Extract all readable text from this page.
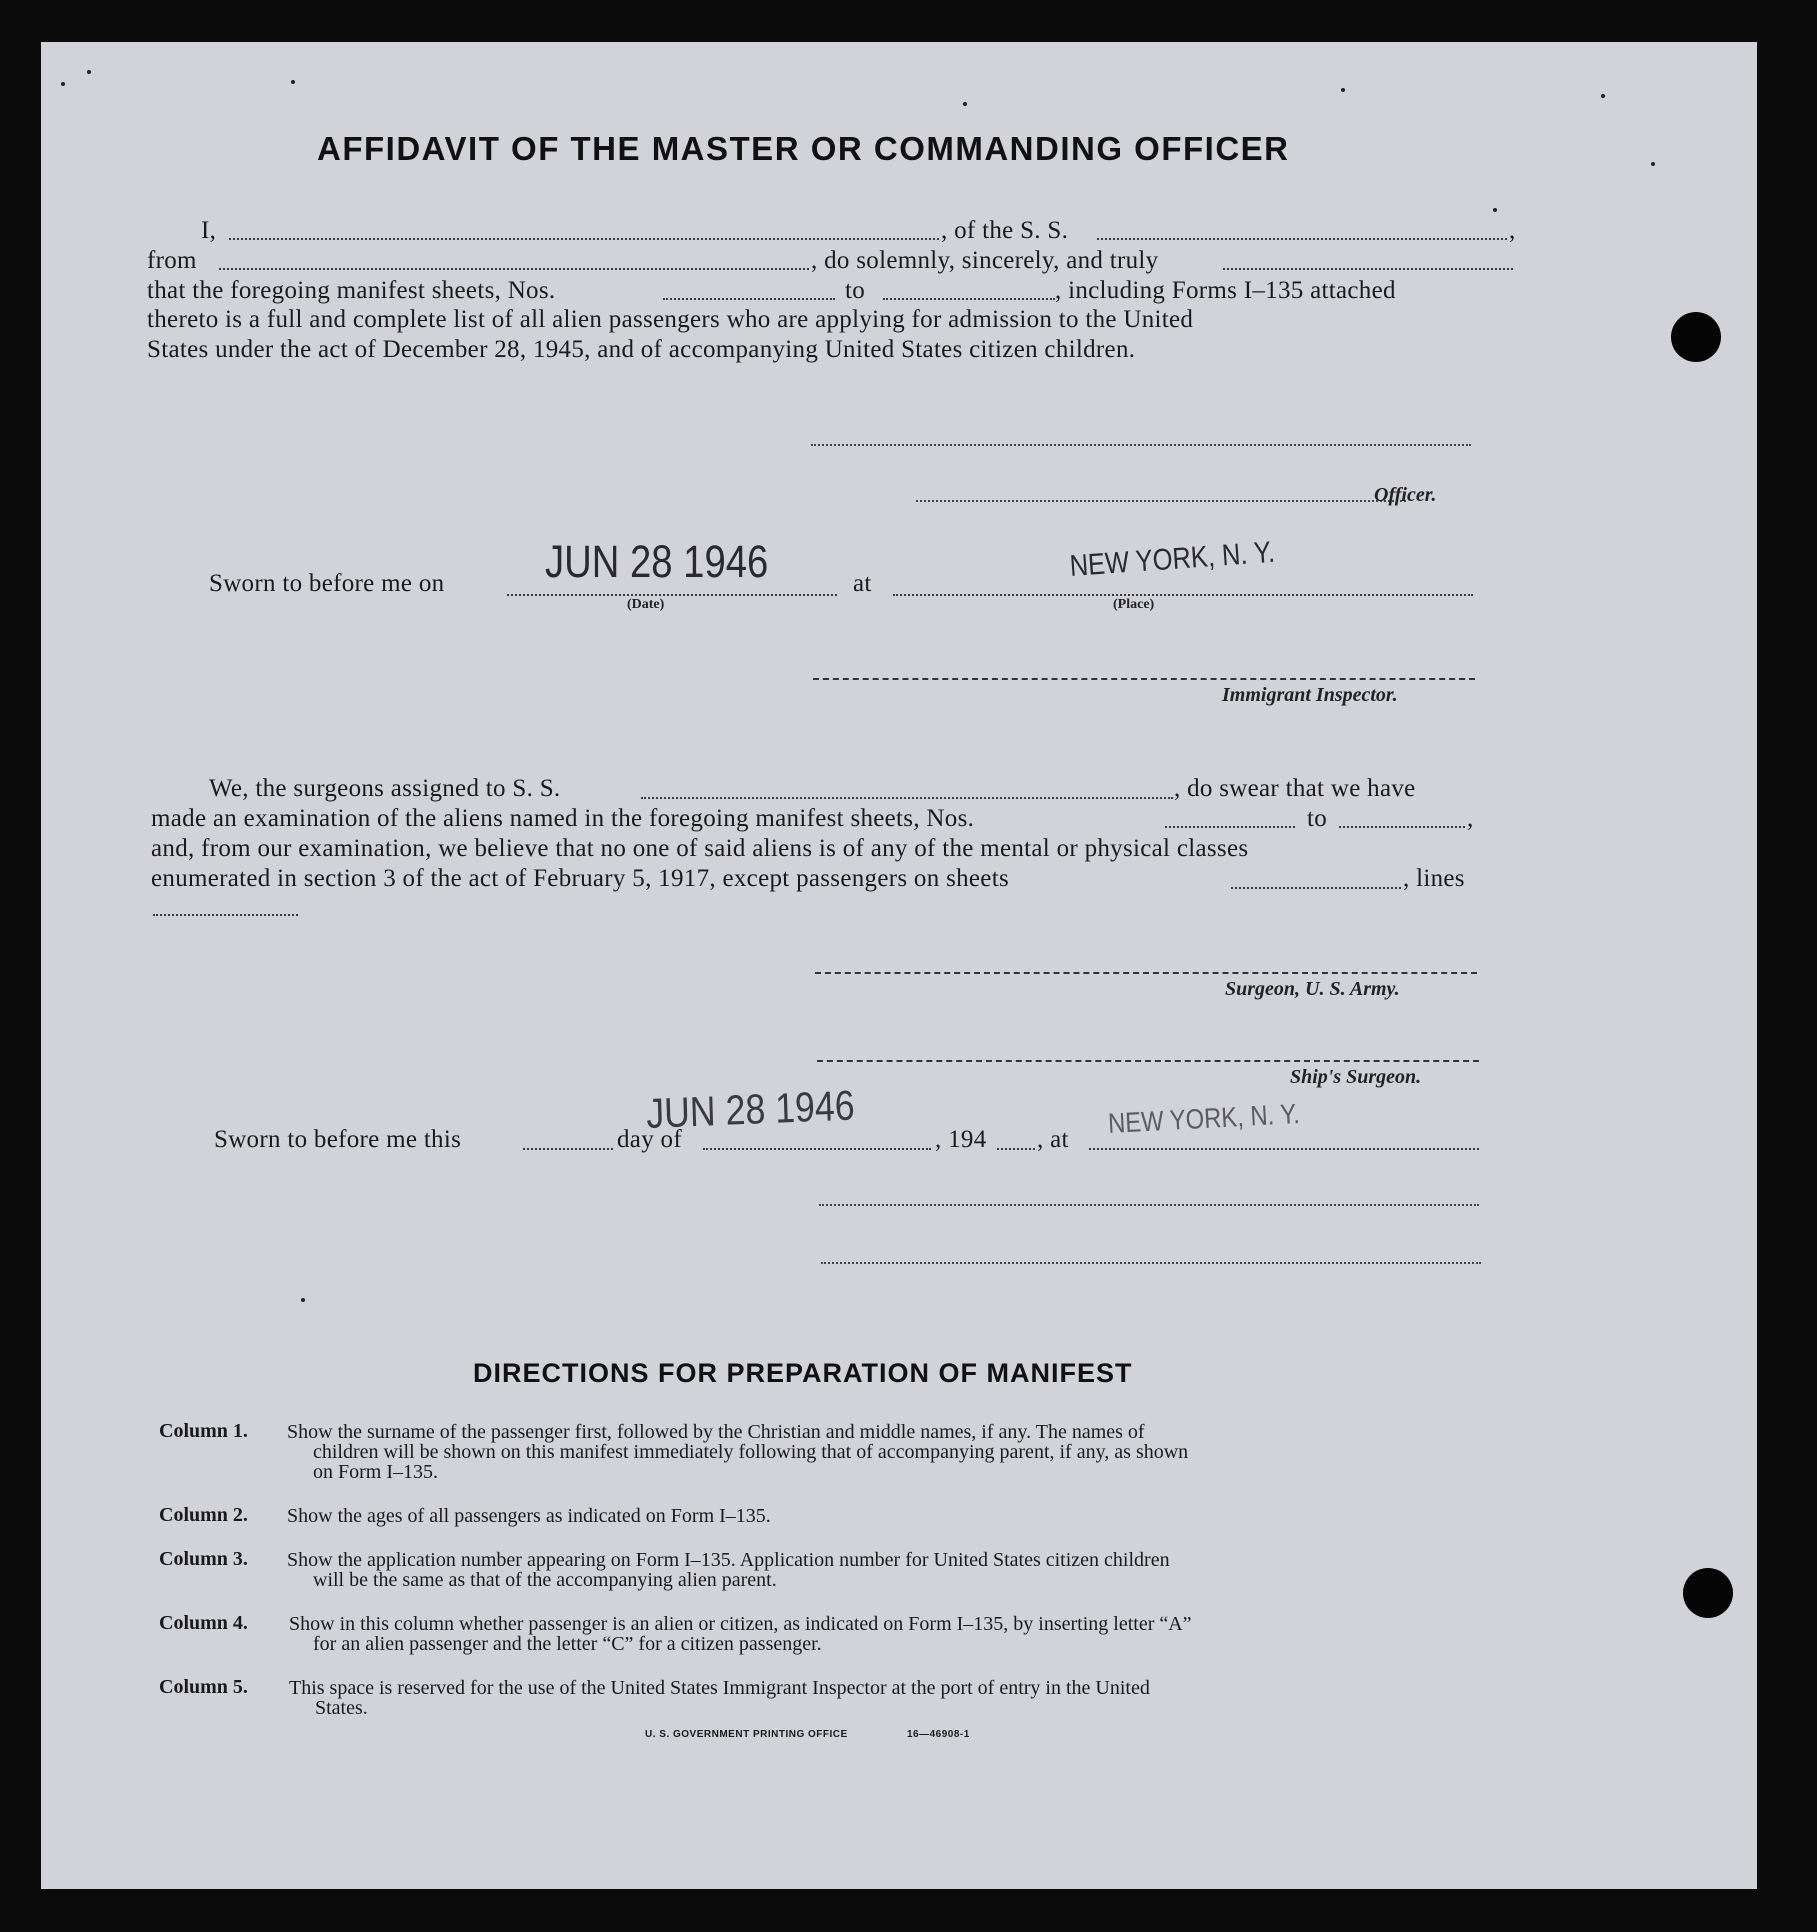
AFFIDAVIT OF THE MASTER OR COMMANDING OFFICER
I,	, of the S. S.	,
from	, do solemnly, sincerely, and truly
that the foregoing manifest sheets, Nos.	to	, including Forms I–135 attached
thereto is a full and complete list of all alien passengers who are applying for admission to the United
States under the act of December 28, 1945, and of accompanying United States citizen children.
Officer.
Sworn to before me on JUN 28 1946
(Date)
at
NEW YORK, N. Y.
(Place)
Immigrant Inspector.
We, the surgeons assigned to S. S.	, do swear that we have
made an examination of the aliens named in the foregoing manifest sheets, Nos.	to	,
and, from our examination, we believe that no one of said aliens is of any of the mental or physical classes
enumerated in section 3 of the act of February 5, 1917, except passengers on sheets	, lines
Surgeon, U. S. Army.
Ship's Surgeon.
Sworn to before me this	day of
JUN 28 1946
, 194 , at
NEW YORK, N. Y.
DIRECTIONS FOR PREPARATION OF MANIFEST
Column 1. Show the surname of the passenger first, followed by the Christian and middle names, if any. The names of
children will be shown on this manifest immediately following that of accompanying parent, if any, as shown
on Form I–135.
Column 2. Show the ages of all passengers as indicated on Form I–135.
Column 3. Show the application number appearing on Form I–135. Application number for United States citizen children
will be the same as that of the accompanying alien parent.
Column 4. Show in this column whether passenger is an alien or citizen, as indicated on Form I–135, by inserting letter “A”
for an alien passenger and the letter “C” for a citizen passenger.
Column 5. This space is reserved for the use of the United States Immigrant Inspector at the port of entry in the United
States.
U. S. GOVERNMENT PRINTING OFFICE	16—46908-1
